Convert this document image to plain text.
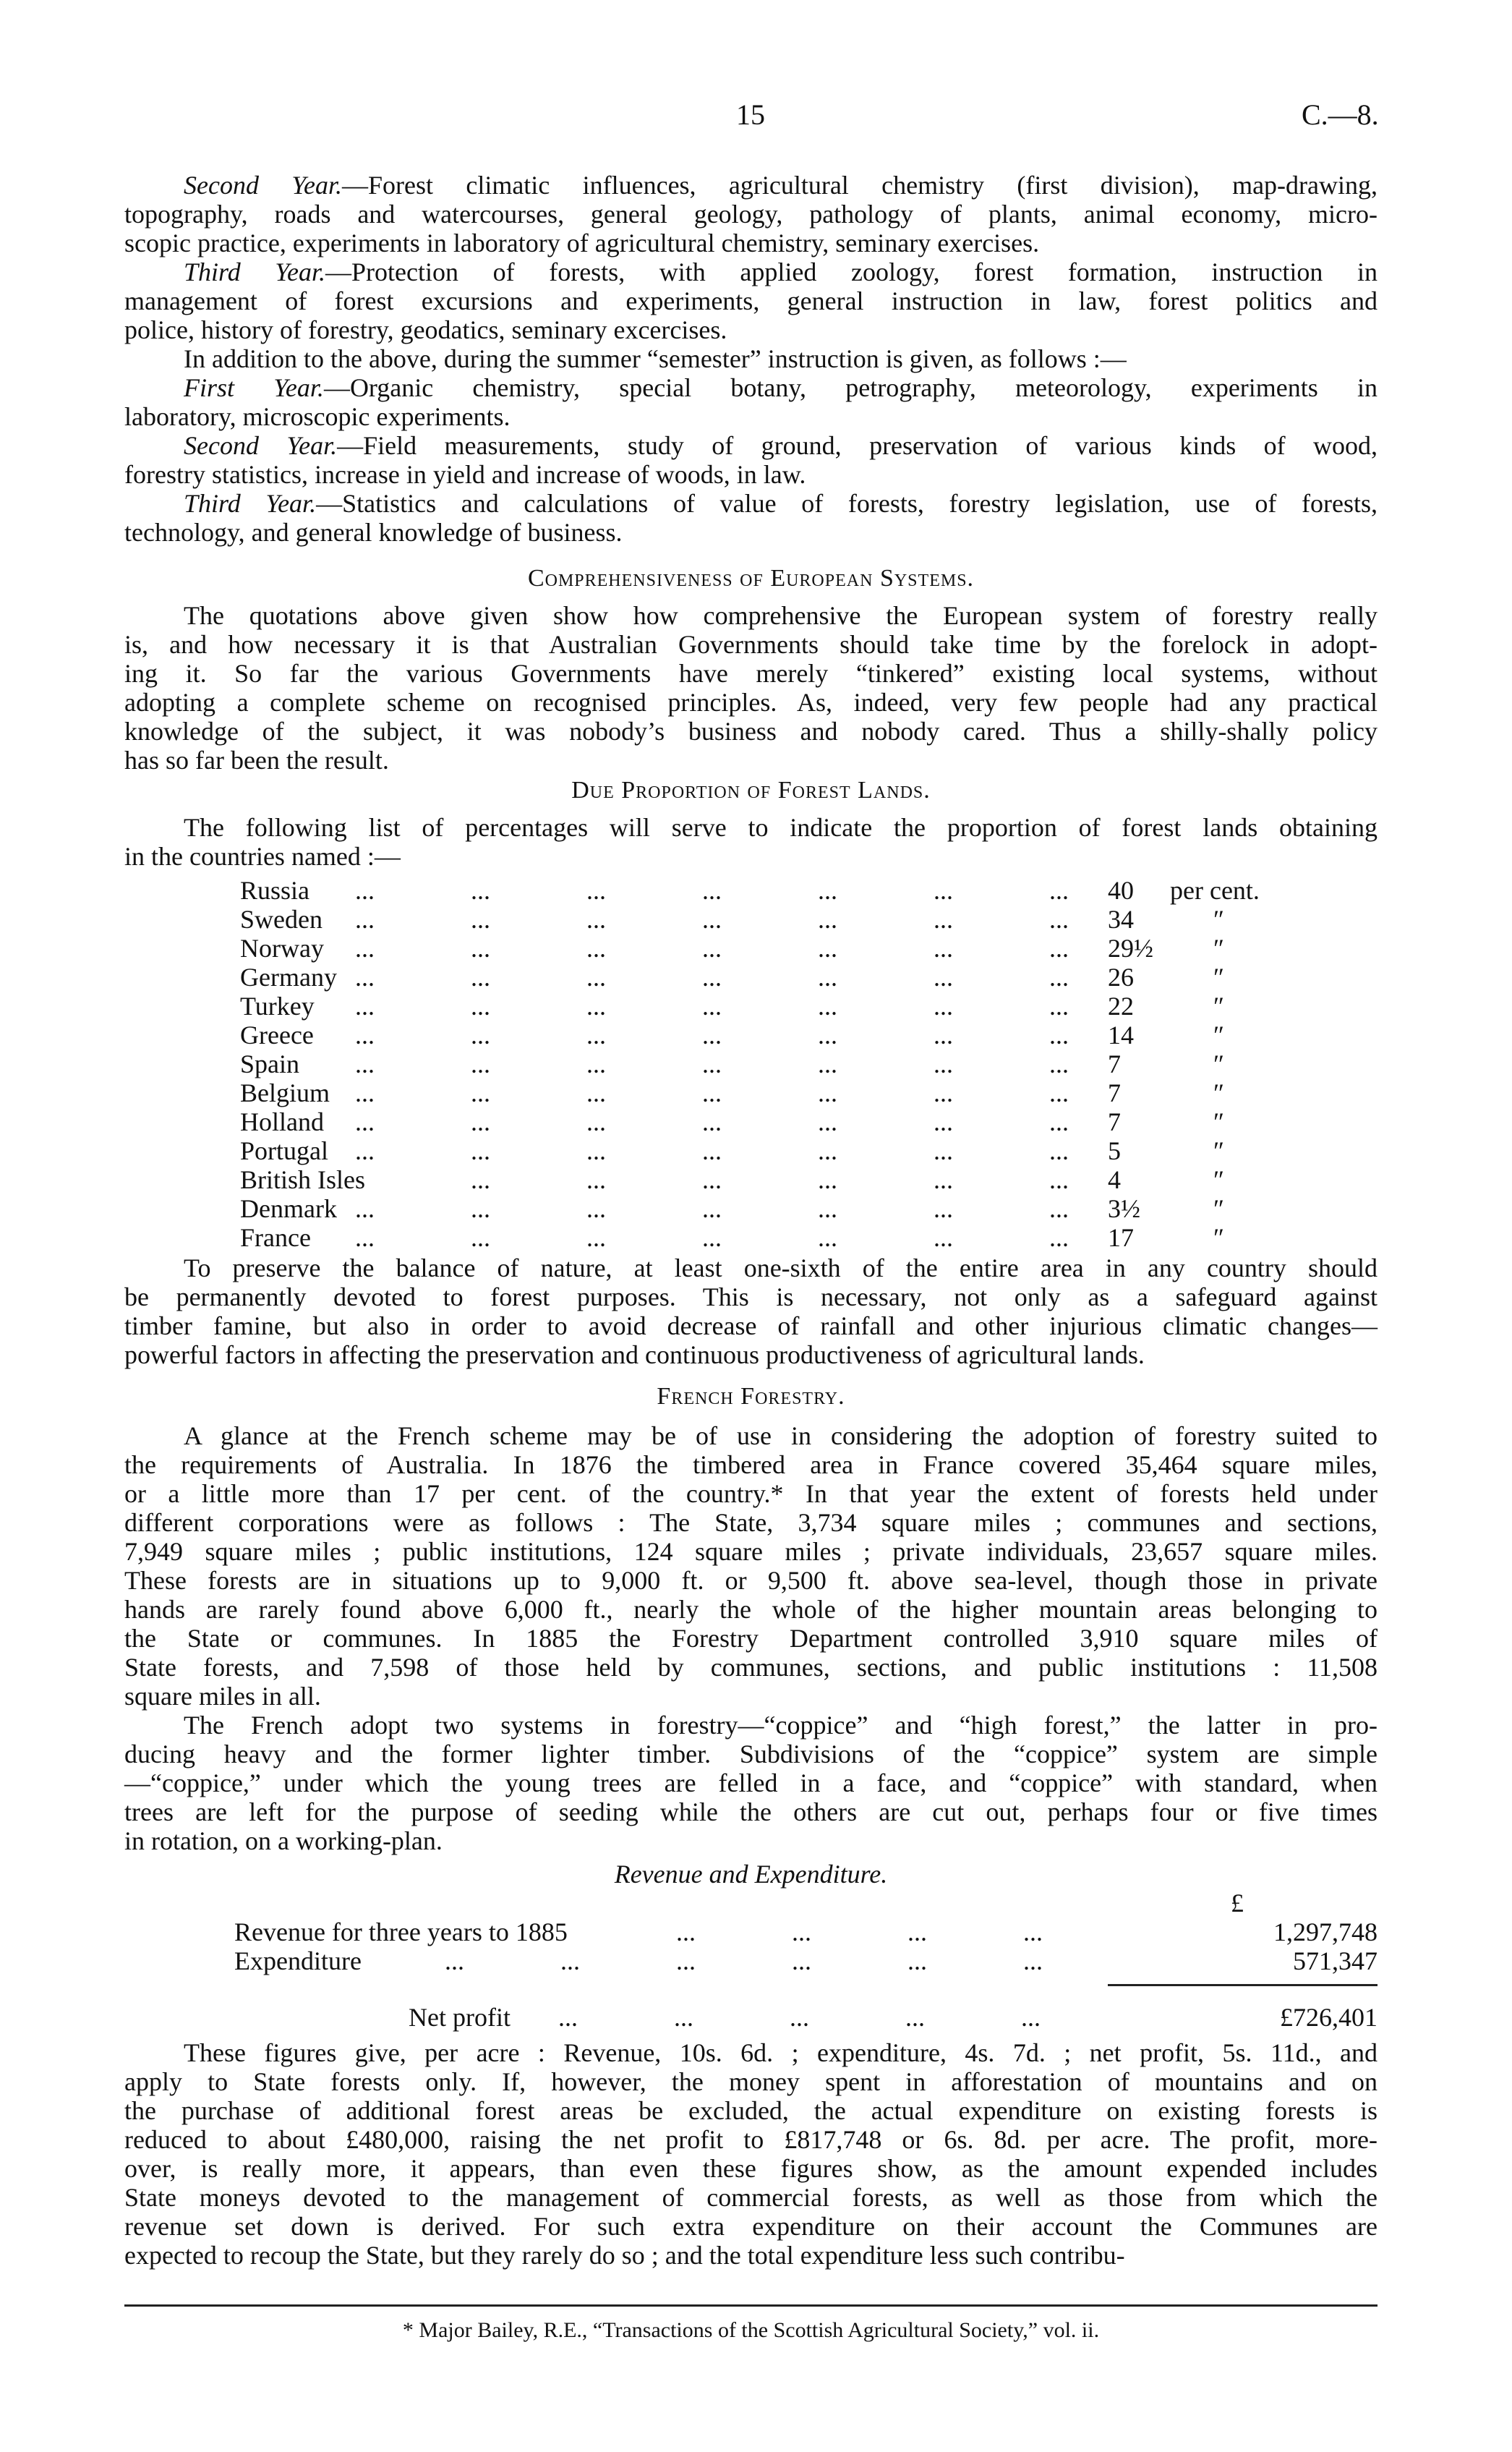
15	C.—8.
Second Year.—Forest climatic influences, agricultural chemistry (first division), map-drawing,
topography, roads and watercourses, general geology, pathology of plants, animal economy, micro-
scopic practice, experiments in laboratory of agricultural chemistry, seminary exercises.
Third Year.—Protection of forests, with applied zoology, forest formation, instruction in
management of forest excursions and experiments, general instruction in law, forest politics and
police, history of forestry, geodatics, seminary excercises.
In addition to the above, during the summer “semester” instruction is given, as follows :—
First Year.—Organic chemistry, special botany, petrography, meteorology, experiments in
laboratory, microscopic experiments.
Second Year.—Field measurements, study of ground, preservation of various kinds of wood,
forestry statistics, increase in yield and increase of woods, in law.
Third Year.—Statistics and calculations of value of forests, forestry legislation, use of forests,
technology, and general knowledge of business.
Comprehensiveness of European Systems.
The quotations above given show how comprehensive the European system of forestry really
is, and how necessary it is that Australian Governments should take time by the forelock in adopt-
ing it. So far the various Governments have merely “tinkered” existing local systems, without
adopting a complete scheme on recognised principles. As, indeed, very few people had any practical
knowledge of the subject, it was nobody’s business and nobody cared. Thus a shilly-shally policy
has so far been the result.
Due Proportion of Forest Lands.
The following list of percentages will serve to indicate the proportion of forest lands obtaining
in the countries named :—
Russia ...	...	...	...	...	...	... 40 per cent.
Sweden ...	...	...	...	...	...	... 34	″
Norway ...	...	...	...	...	...	... 29½ ″
Germany ...	...	...	...	...	...	... 26	″
Turkey ...	...	...	...	...	...	... 22	″
Greece ...	...	...	...	...	...	... 14	″
Spain ...	...	...	...	...	...	... 7	″
Belgium ...	...	...	...	...	...	... 7	″
Holland ...	...	...	...	...	...	... 7	″
Portugal ...	...	...	...	...	...	... 5	″
British Isles	...	...	...	...	...	... 4	″
Denmark ...	...	...	...	...	...	... 3½	″
France ...	...	...	...	...	...	... 17	″
To preserve the balance of nature, at least one-sixth of the entire area in any country should
be permanently devoted to forest purposes. This is necessary, not only as a safeguard against
timber famine, but also in order to avoid decrease of rainfall and other injurious climatic changes—
powerful factors in affecting the preservation and continuous productiveness of agricultural lands.
French Forestry.
A glance at the French scheme may be of use in considering the adoption of forestry suited to
the requirements of Australia. In 1876 the timbered area in France covered 35,464 square miles,
or a little more than 17 per cent. of the country.* In that year the extent of forests held under
different corporations were as follows : The State, 3,734 square miles ; communes and sections,
7,949 square miles ; public institutions, 124 square miles ; private individuals, 23,657 square miles.
These forests are in situations up to 9,000 ft. or 9,500 ft. above sea-level, though those in private
hands are rarely found above 6,000 ft., nearly the whole of the higher mountain areas belonging to
the State or communes. In 1885 the Forestry Department controlled 3,910 square miles of
State forests, and 7,598 of those held by communes, sections, and public institutions : 11,508
square miles in all.
The French adopt two systems in forestry—“coppice” and “high forest,” the latter in pro-
ducing heavy and the former lighter timber. Subdivisions of the “coppice” system are simple
—“coppice,” under which the young trees are felled in a face, and “coppice” with standard, when
trees are left for the purpose of seeding while the others are cut out, perhaps four or five times
in rotation, on a working-plan.
Revenue and Expenditure.
£
Revenue for three years to 1885	...	...	...	...	1,297,748
Expenditure	...	...	...	...	...	...	571,347
Net profit ...	...	...	...	...	£726,401
These figures give, per acre : Revenue, 10s. 6d. ; expenditure, 4s. 7d. ; net profit, 5s. 11d., and
apply to State forests only. If, however, the money spent in afforestation of mountains and on
the purchase of additional forest areas be excluded, the actual expenditure on existing forests is
reduced to about £480,000, raising the net profit to £817,748 or 6s. 8d. per acre. The profit, more-
over, is really more, it appears, than even these figures show, as the amount expended includes
State moneys devoted to the management of commercial forests, as well as those from which the
revenue set down is derived. For such extra expenditure on their account the Communes are
expected to recoup the State, but they rarely do so ; and the total expenditure less such contribu-
* Major Bailey, R.E., “Transactions of the Scottish Agricultural Society,” vol. ii.
